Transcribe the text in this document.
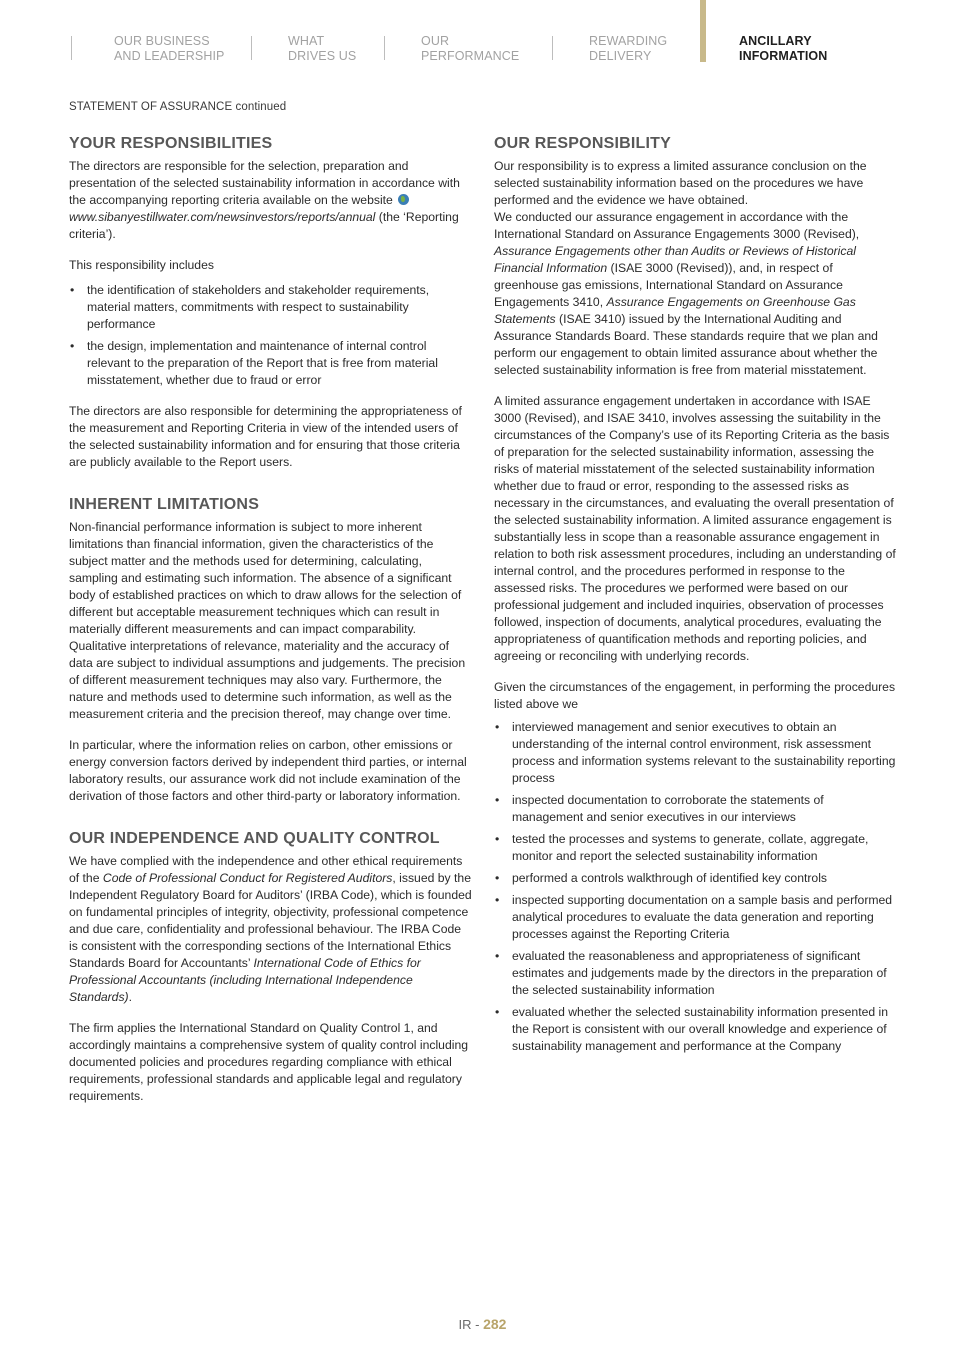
OUR BUSINESS
AND LEADERSHIP
WHAT
DRIVES US
OUR
PERFORMANCE
REWARDING
DELIVERY
ANCILLARY
INFORMATION
STATEMENT OF ASSURANCE continued
YOUR RESPONSIBILITIES

The directors are responsible for the selection, preparation and presentation of the selected sustainability information in accordance with the accompanying reporting criteria available on the website  www.sibanyestillwater.com/newsinvestors/reports/annual (the ‘Reporting criteria’).

This responsibility includes

• the identification of stakeholders and stakeholder requirements, material matters, commitments with respect to sustainability performance
• the design, implementation and maintenance of internal control relevant to the preparation of the Report that is free from material misstatement, whether due to fraud or error

The directors are also responsible for determining the appropriateness of the measurement and Reporting Criteria in view of the intended users of the selected sustainability information and for ensuring that those criteria are publicly available to the Report users.

INHERENT LIMITATIONS

Non-financial performance information is subject to more inherent limitations than financial information, given the characteristics of the subject matter and the methods used for determining, calculating, sampling and estimating such information. The absence of a significant body of established practices on which to draw allows for the selection of different but acceptable measurement techniques which can result in materially different measurements and can impact comparability. Qualitative interpretations of relevance, materiality and the accuracy of data are subject to individual assumptions and judgements. The precision of different measurement techniques may also vary. Furthermore, the nature and methods used to determine such information, as well as the measurement criteria and the precision thereof, may change over time.

In particular, where the information relies on carbon, other emissions or energy conversion factors derived by independent third parties, or internal laboratory results, our assurance work did not include examination of the derivation of those factors and other third-party or laboratory information.

OUR INDEPENDENCE AND QUALITY CONTROL

We have complied with the independence and other ethical requirements of the Code of Professional Conduct for Registered Auditors, issued by the Independent Regulatory Board for Auditors’ (IRBA Code), which is founded on fundamental principles of integrity, objectivity, professional competence and due care, confidentiality and professional behaviour. The IRBA Code is consistent with the corresponding sections of the International Ethics Standards Board for Accountants’ International Code of Ethics for Professional Accountants (including International Independence Standards).

The firm applies the International Standard on Quality Control 1, and accordingly maintains a comprehensive system of quality control including documented policies and procedures regarding compliance with ethical requirements, professional standards and applicable legal and regulatory requirements.

OUR RESPONSIBILITY

Our responsibility is to express a limited assurance conclusion on the selected sustainability information based on the procedures we have performed and the evidence we have obtained.

We conducted our assurance engagement in accordance with the International Standard on Assurance Engagements 3000 (Revised), Assurance Engagements other than Audits or Reviews of Historical Financial Information (ISAE 3000 (Revised)), and, in respect of greenhouse gas emissions, International Standard on Assurance Engagements 3410, Assurance Engagements on Greenhouse Gas Statements (ISAE 3410) issued by the International Auditing and Assurance Standards Board. These standards require that we plan and perform our engagement to obtain limited assurance about whether the selected sustainability information is free from material misstatement.

A limited assurance engagement undertaken in accordance with ISAE 3000 (Revised), and ISAE 3410, involves assessing the suitability in the circumstances of the Company’s use of its Reporting Criteria as the basis of preparation for the selected sustainability information, assessing the risks of material misstatement of the selected sustainability information whether due to fraud or error, responding to the assessed risks as necessary in the circumstances, and evaluating the overall presentation of the selected sustainability information. A limited assurance engagement is substantially less in scope than a reasonable assurance engagement in relation to both risk assessment procedures, including an understanding of internal control, and the procedures performed in response to the assessed risks. The procedures we performed were based on our professional judgement and included inquiries, observation of processes followed, inspection of documents, analytical procedures, evaluating the appropriateness of quantification methods and reporting policies, and agreeing or reconciling with underlying records.

Given the circumstances of the engagement, in performing the procedures listed above we

• interviewed management and senior executives to obtain an understanding of the internal control environment, risk assessment process and information systems relevant to the sustainability reporting process
• inspected documentation to corroborate the statements of management and senior executives in our interviews
• tested the processes and systems to generate, collate, aggregate, monitor and report the selected sustainability information
• performed a controls walkthrough of identified key controls
• inspected supporting documentation on a sample basis and performed analytical procedures to evaluate the data generation and reporting processes against the Reporting Criteria
• evaluated the reasonableness and appropriateness of significant estimates and judgements made by the directors in the preparation of the selected sustainability information
• evaluated whether the selected sustainability information presented in the Report is consistent with our overall knowledge and experience of sustainability management and performance at the Company
IR - 282
